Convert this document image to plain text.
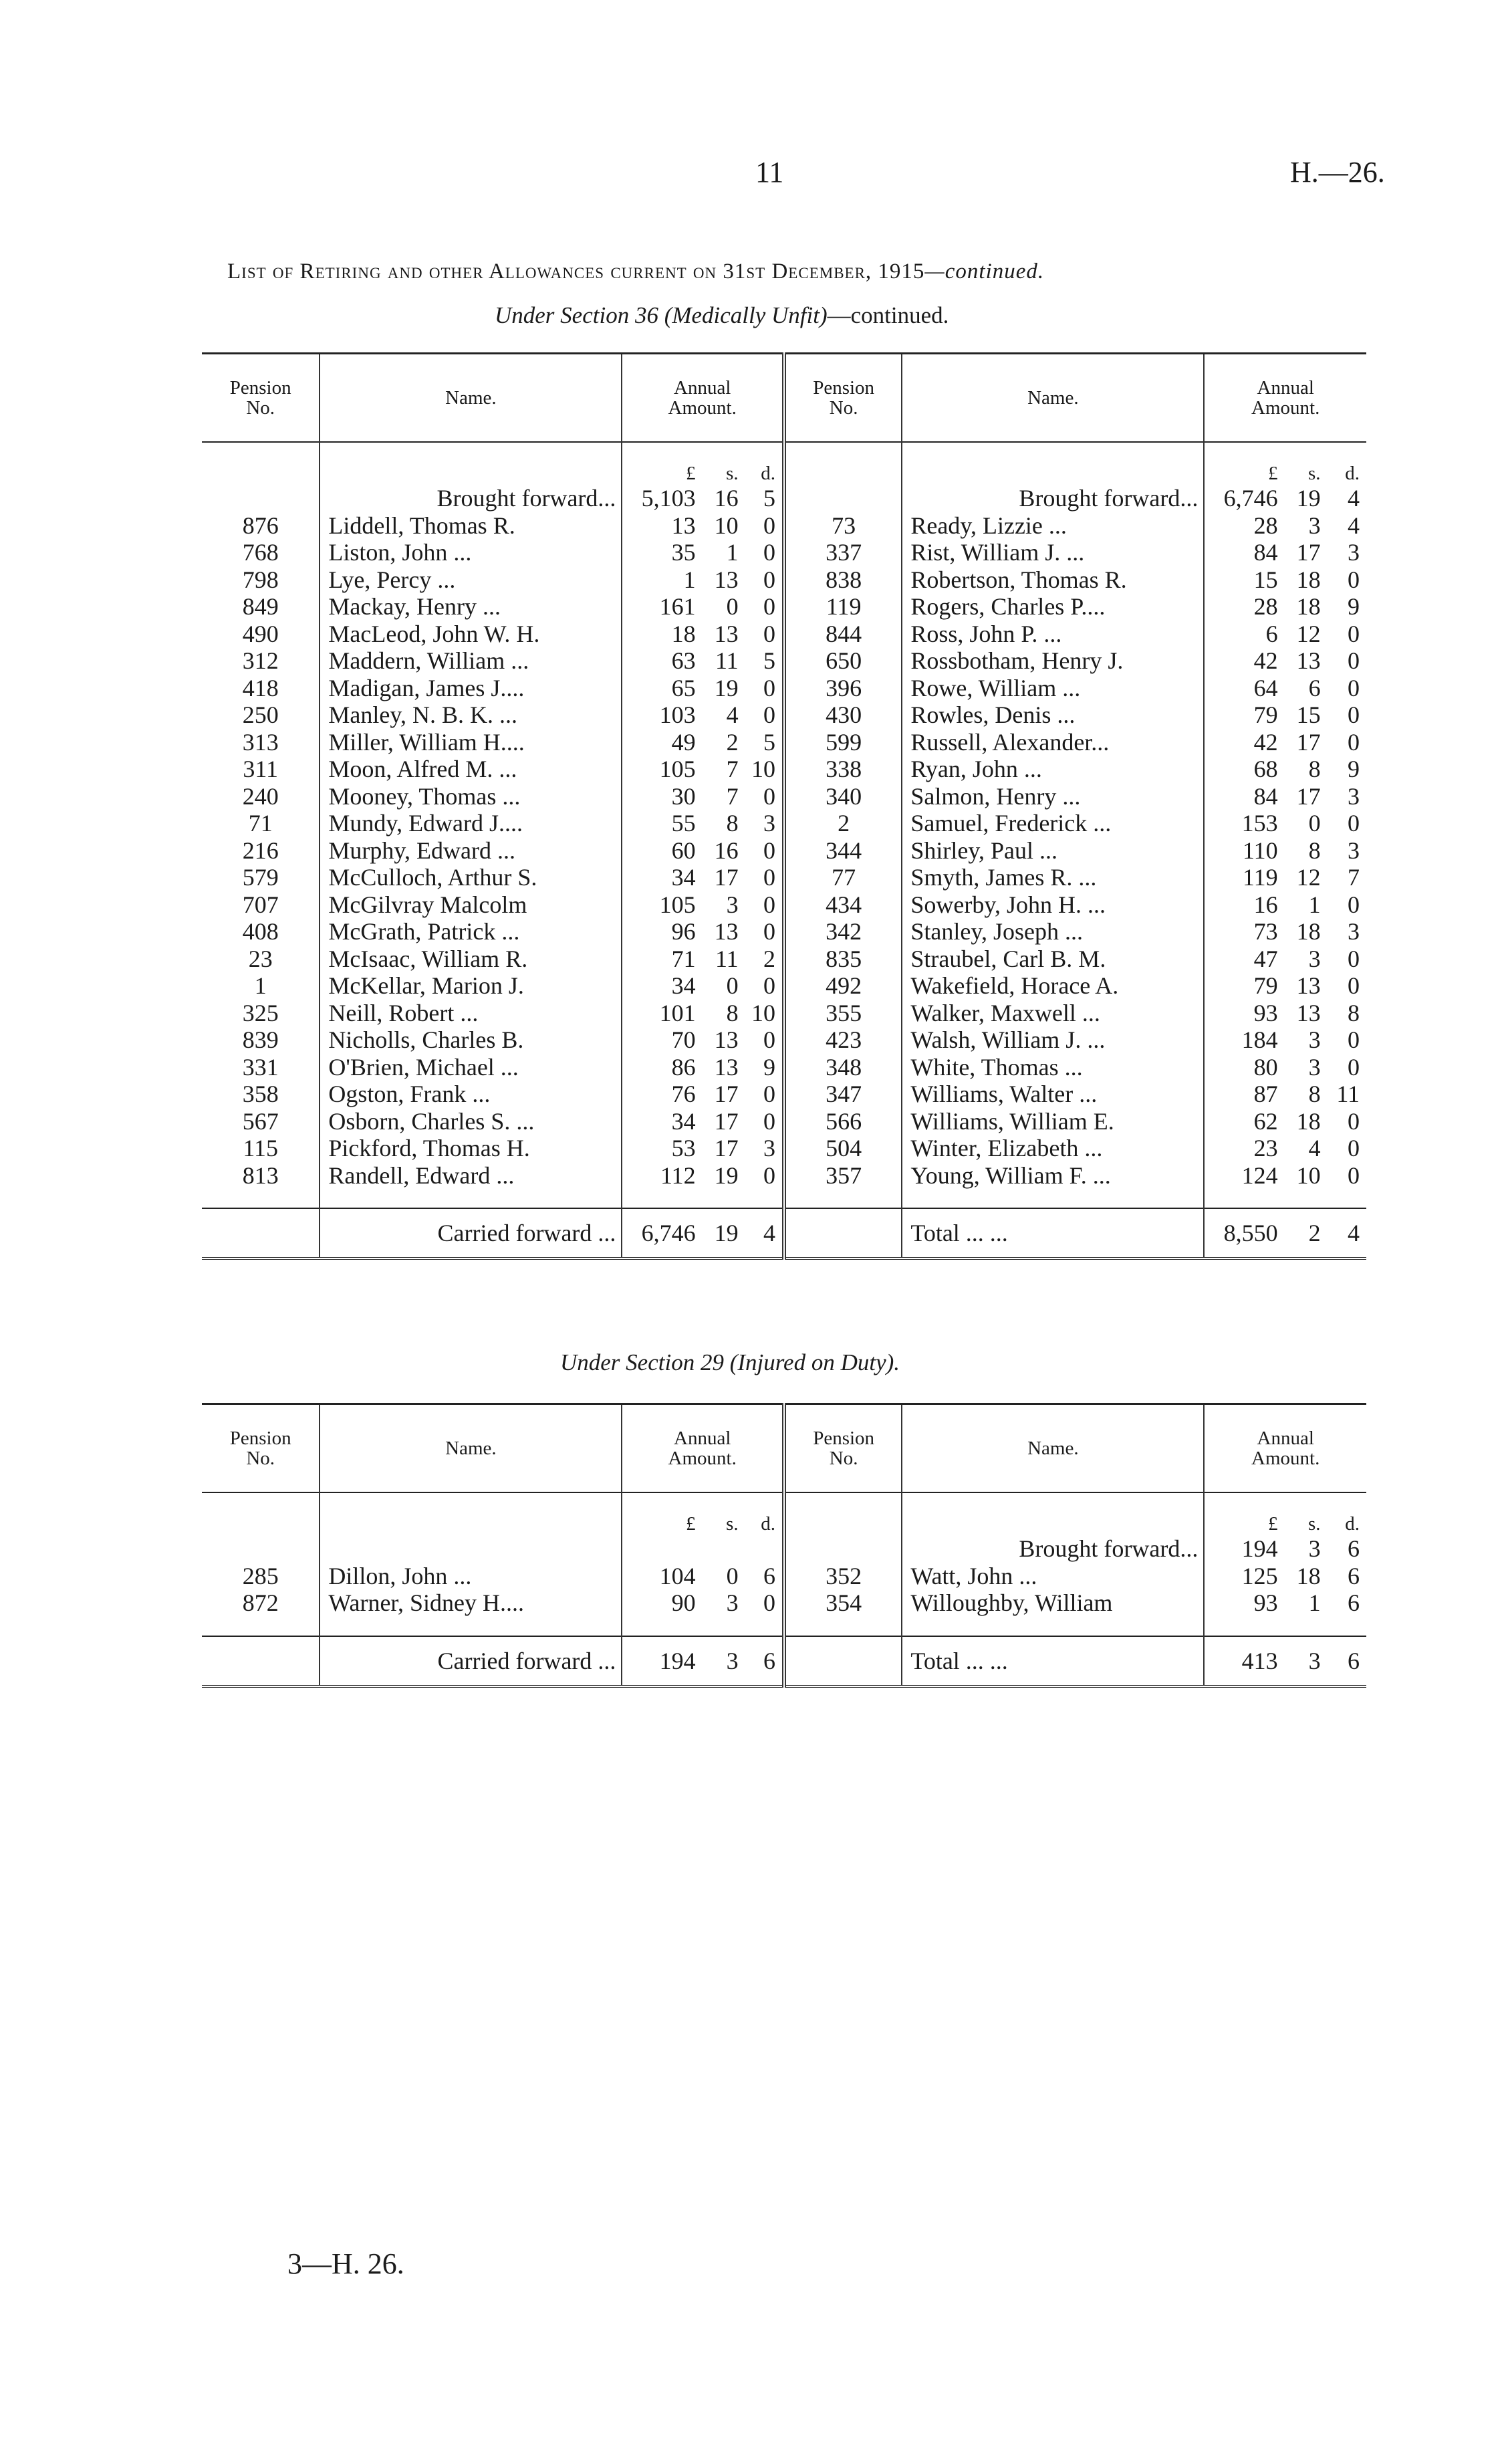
11	H.—26.
List of Retiring and other Allowances current on 31st December, 1915—continued.
Under Section 36 (Medically Unfit)—continued.
Pension
No.	Name.	Annual
Amount.			Pension
No.	Name.	Annual
Amount.		
		£	s.	d.			£	s.	d.
	Brought forward...	5,103	16	5		Brought forward...	6,746	19	4
876	Liddell, Thomas R.	13	10	0	73	Ready, Lizzie ...	28	3	4
768	Liston, John ...	35	1	0	337	Rist, William J. ...	84	17	3
798	Lye, Percy ...	1	13	0	838	Robertson, Thomas R.	15	18	0
849	Mackay, Henry ...	161	0	0	119	Rogers, Charles P....	28	18	9
490	MacLeod, John W. H.	18	13	0	844	Ross, John P. ...	6	12	0
312	Maddern, William ...	63	11	5	650	Rossbotham, Henry J.	42	13	0
418	Madigan, James J....	65	19	0	396	Rowe, William ...	64	6	0
250	Manley, N. B. K. ...	103	4	0	430	Rowles, Denis ...	79	15	0
313	Miller, William H....	49	2	5	599	Russell, Alexander...	42	17	0
311	Moon, Alfred M. ...	105	7	10	338	Ryan, John ...	68	8	9
240	Mooney, Thomas ...	30	7	0	340	Salmon, Henry ...	84	17	3
71	Mundy, Edward J....	55	8	3	2	Samuel, Frederick ...	153	0	0
216	Murphy, Edward ...	60	16	0	344	Shirley, Paul ...	110	8	3
579	McCulloch, Arthur S.	34	17	0	77	Smyth, James R. ...	119	12	7
707	McGilvray Malcolm	105	3	0	434	Sowerby, John H. ...	16	1	0
408	McGrath, Patrick ...	96	13	0	342	Stanley, Joseph ...	73	18	3
23	McIsaac, William R.	71	11	2	835	Straubel, Carl B. M.	47	3	0
1	McKellar, Marion J.	34	0	0	492	Wakefield, Horace A.	79	13	0
325	Neill, Robert ...	101	8	10	355	Walker, Maxwell ...	93	13	8
839	Nicholls, Charles B.	70	13	0	423	Walsh, William J. ...	184	3	0
331	O'Brien, Michael ...	86	13	9	348	White, Thomas ...	80	3	0
358	Ogston, Frank ...	76	17	0	347	Williams, Walter ...	87	8	11
567	Osborn, Charles S. ...	34	17	0	566	Williams, William E.	62	18	0
115	Pickford, Thomas H.	53	17	3	504	Winter, Elizabeth ...	23	4	0
813	Randell, Edward ...	112	19	0	357	Young, William F. ...	124	10	0

	Carried forward ...	6,746	19	4		Total ... ...	8,550	2	4
Under Section 29 (Injured on Duty).
Pension
No.	Name.	Annual
Amount.			Pension
No.	Name.	Annual
Amount.		
		£	s.	d.			£	s.	d.
						Brought forward...	194	3	6
285	Dillon, John ...	104	0	6	352	Watt, John ...	125	18	6
872	Warner, Sidney H....	90	3	0	354	Willoughby, William	93	1	6

	Carried forward ...	194	3	6		Total ... ...	413	3	6
3—H. 26.
